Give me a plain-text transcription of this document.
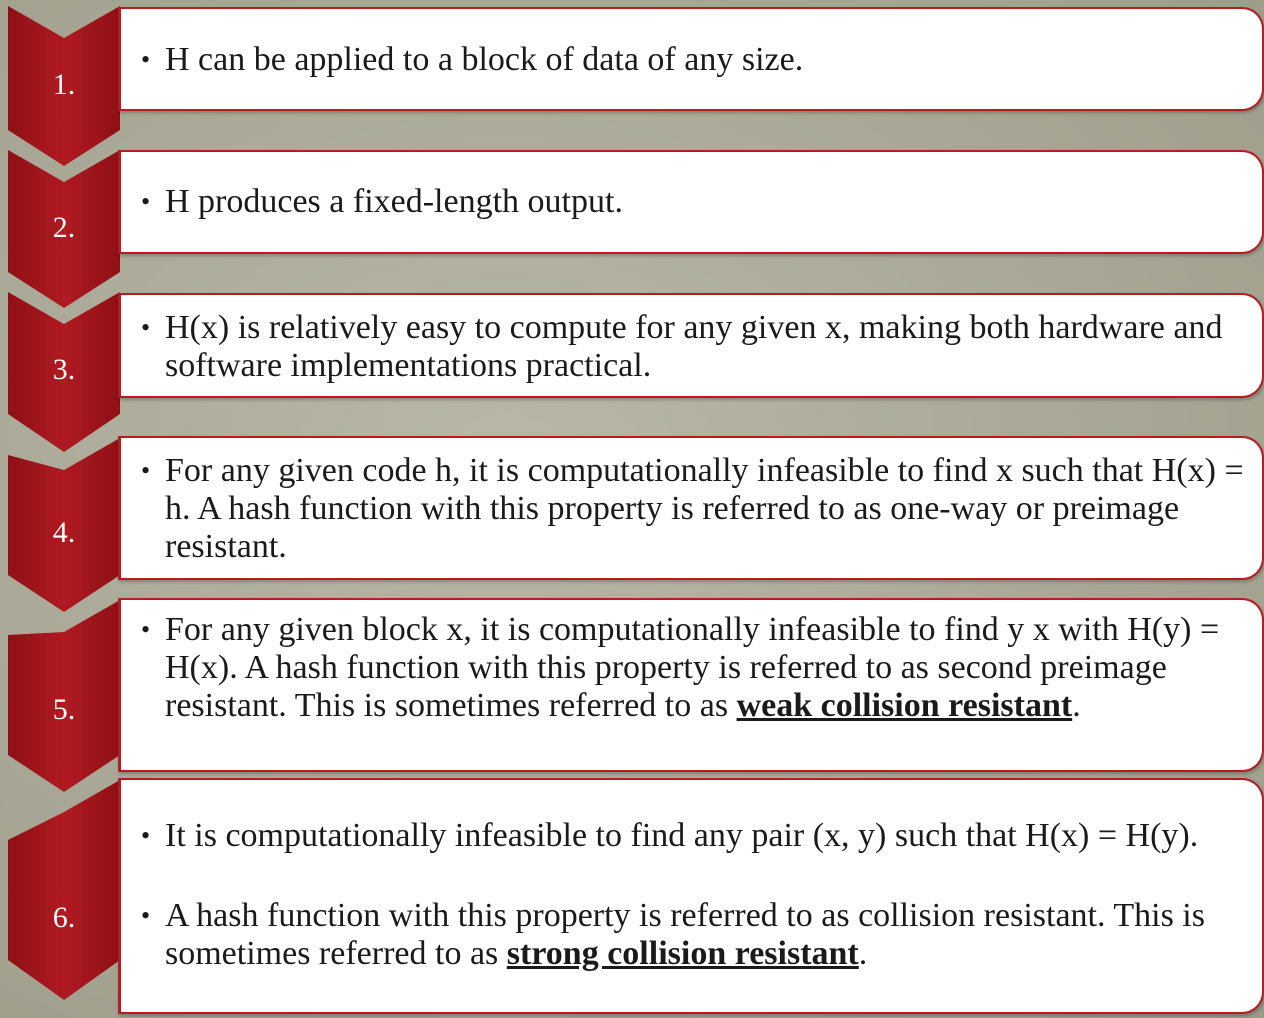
1.
2.
3.
4.
5.
6.
• H can be applied to a block of data of any size.
• H produces a fixed-length output.
• H(x) is relatively easy to compute for any given x, making both hardware and software implementations practical.
• For any given code h, it is computationally infeasible to find x such that H(x) = h. A hash function with this property is referred to as one-way or preimage resistant.
• For any given block x, it is computationally infeasible to find y x with H(y) = H(x). A hash function with this property is referred to as second preimage resistant. This is sometimes referred to as weak collision resistant.
• It is computationally infeasible to find any pair (x, y) such that H(x) = H(y).
• A hash function with this property is referred to as collision resistant. This is sometimes referred to as strong collision resistant.
